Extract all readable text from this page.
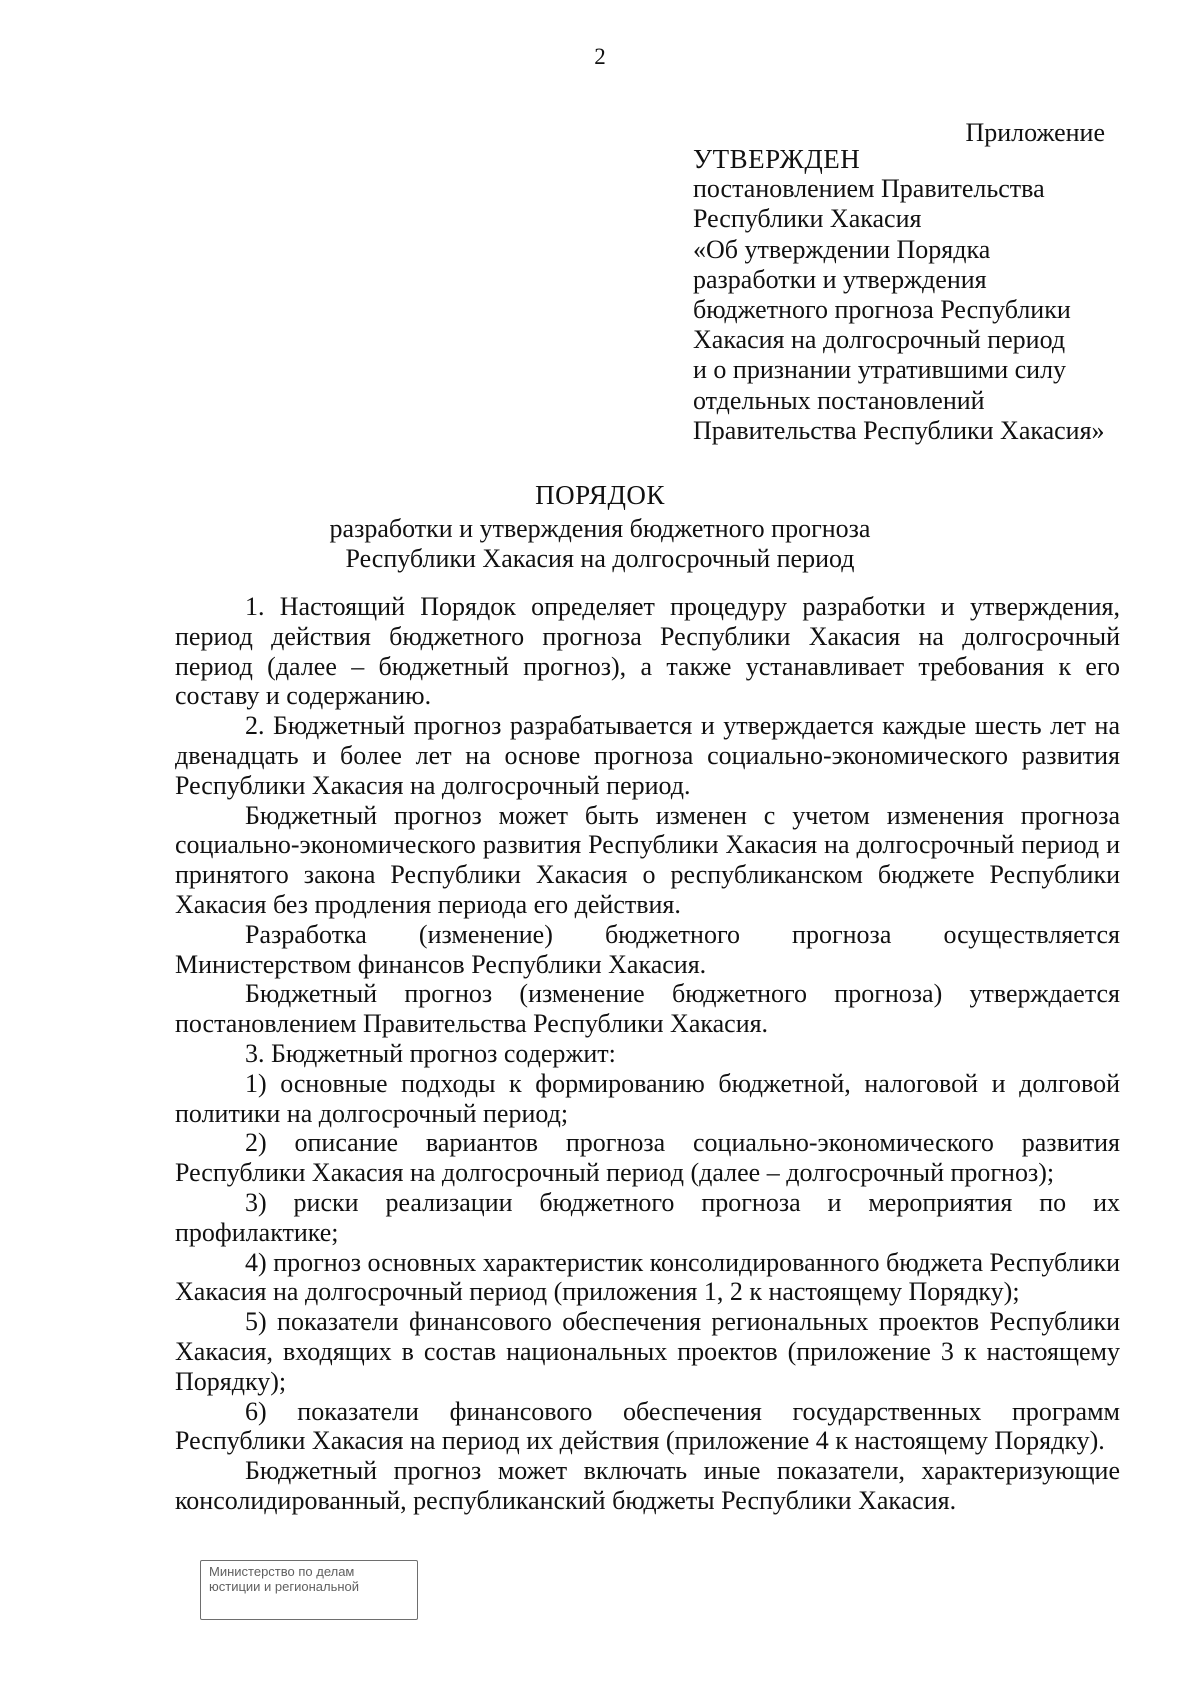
2
Приложение
УТВЕРЖДЕН
постановлением Правительства
Республики Хакасия
«Об утверждении Порядка
разработки и утверждения
бюджетного прогноза Республики
Хакасия на долгосрочный период
и о признании утратившими силу
отдельных постановлений
Правительства Республики Хакасия»
ПОРЯДОК
разработки и утверждения бюджетного прогноза
Республики Хакасия на долгосрочный период

1. Настоящий Порядок определяет процедуру разработки и утверждения, период действия бюджетного прогноза Республики Хакасия на долгосрочный период (далее – бюджетный прогноз), а также устанавливает требования к его составу и содержанию.

2. Бюджетный прогноз разрабатывается и утверждается каждые шесть лет на двенадцать и более лет на основе прогноза социально-экономического развития Республики Хакасия на долгосрочный период.

Бюджетный прогноз может быть изменен с учетом изменения прогноза социально-экономического развития Республики Хакасия на долгосрочный период и принятого закона Республики Хакасия о республиканском бюджете Республики Хакасия без продления периода его действия.

Разработка (изменение) бюджетного прогноза осуществляется Министерством финансов Республики Хакасия.

Бюджетный прогноз (изменение бюджетного прогноза) утверждается постановлением Правительства Республики Хакасия.

3. Бюджетный прогноз содержит:

1) основные подходы к формированию бюджетной, налоговой и долговой политики на долгосрочный период;

2) описание вариантов прогноза социально-экономического развития Республики Хакасия на долгосрочный период (далее – долгосрочный прогноз);

3) риски реализации бюджетного прогноза и мероприятия по их профилактике;

4) прогноз основных характеристик консолидированного бюджета Республики Хакасия на долгосрочный период (приложения 1, 2 к настоящему Порядку);

5) показатели финансового обеспечения региональных проектов Республики Хакасия, входящих в состав национальных проектов (приложение 3 к настоящему Порядку);

6) показатели финансового обеспечения государственных программ Республики Хакасия на период их действия (приложение 4 к настоящему Порядку).

Бюджетный прогноз может включать иные показатели, характеризующие консолидированный, республиканский бюджеты Республики Хакасия.

Министерство по делам
юстиции и региональной
